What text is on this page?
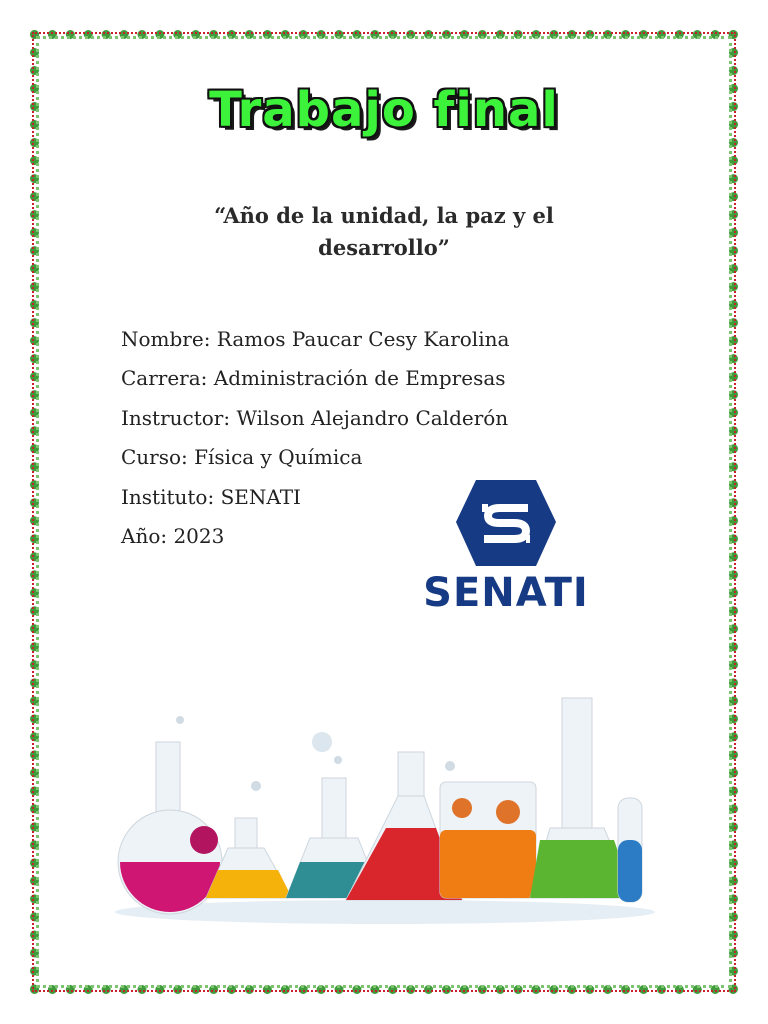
Trabajo final
“Año de la unidad, la paz y el desarrollo”
Nombre: Ramos Paucar Cesy Karolina
Carrera: Administración de Empresas
Instructor: Wilson Alejandro Calderón
Curso: Física y Química
Instituto: SENATI
Año: 2023
SENATI
